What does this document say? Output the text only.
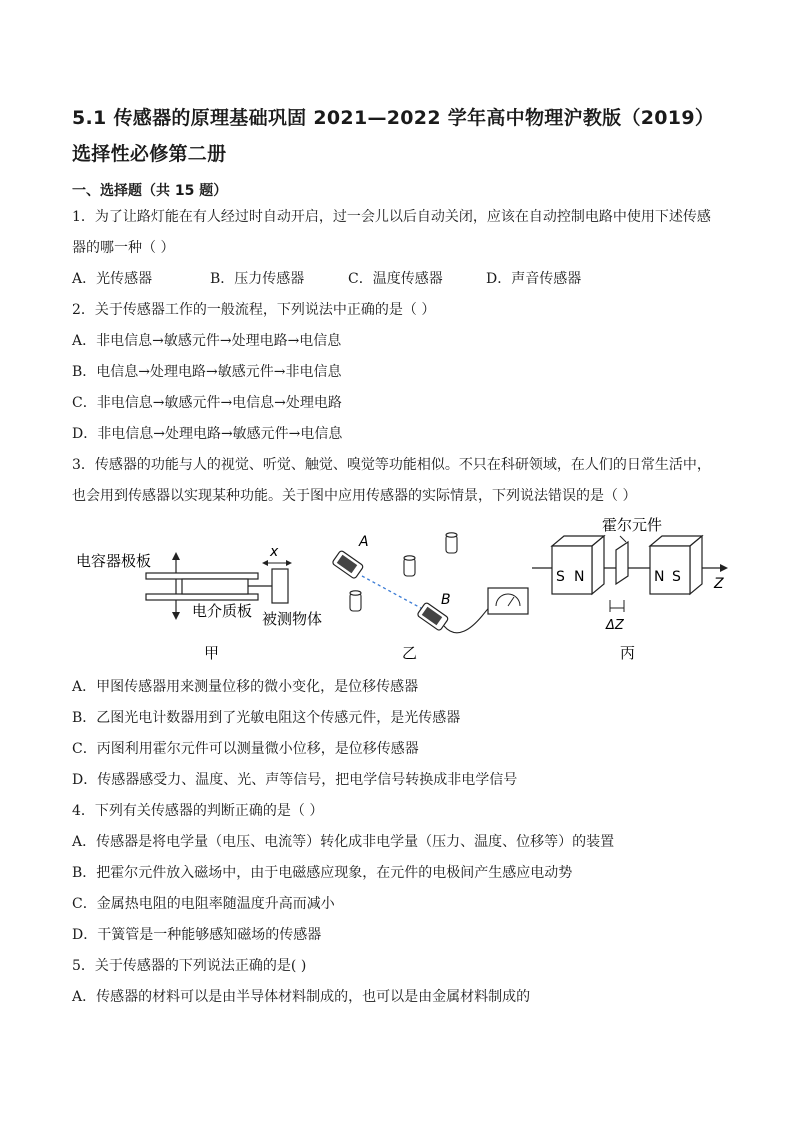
5.1 传感器的原理基础巩固 2021—2022 学年高中物理沪教版（2019）
选择性必修第二册
一、选择题（共 15 题）
1．为了让路灯能在有人经过时自动开启，过一会儿以后自动关闭，应该在自动控制电路中使用下述传感
器的哪一种（ ）
A．光传感器	B．压力传感器	C．温度传感器	D．声音传感器
2．关于传感器工作的一般流程，下列说法中正确的是（ ）
A．非电信息→敏感元件→处理电路→电信息
B．电信息→处理电路→敏感元件→非电信息
C．非电信息→敏感元件→电信息→处理电路
D．非电信息→处理电路→敏感元件→电信息
3．传感器的功能与人的视觉、听觉、触觉、嗅觉等功能相似。不只在科研领域，在人们的日常生活中，
也会用到传感器以实现某种功能。关于图中应用传感器的实际情景，下列说法错误的是（ ）
电容器极板	x
电介质板 被测物体
甲
A
B
乙
霍尔元件
Z
S N	N S
ΔZ
丙
A．甲图传感器用来测量位移的微小变化，是位移传感器
B．乙图光电计数器用到了光敏电阻这个传感元件，是光传感器
C．丙图利用霍尔元件可以测量微小位移，是位移传感器
D．传感器感受力、温度、光、声等信号，把电学信号转换成非电学信号
4．下列有关传感器的判断正确的是（ ）
A．传感器是将电学量（电压、电流等）转化成非电学量（压力、温度、位移等）的装置
B．把霍尔元件放入磁场中，由于电磁感应现象，在元件的电极间产生感应电动势
C．金属热电阻的电阻率随温度升高而减小
D．干簧管是一种能够感知磁场的传感器
5．关于传感器的下列说法正确的是( )
A．传感器的材料可以是由半导体材料制成的，也可以是由金属材料制成的
